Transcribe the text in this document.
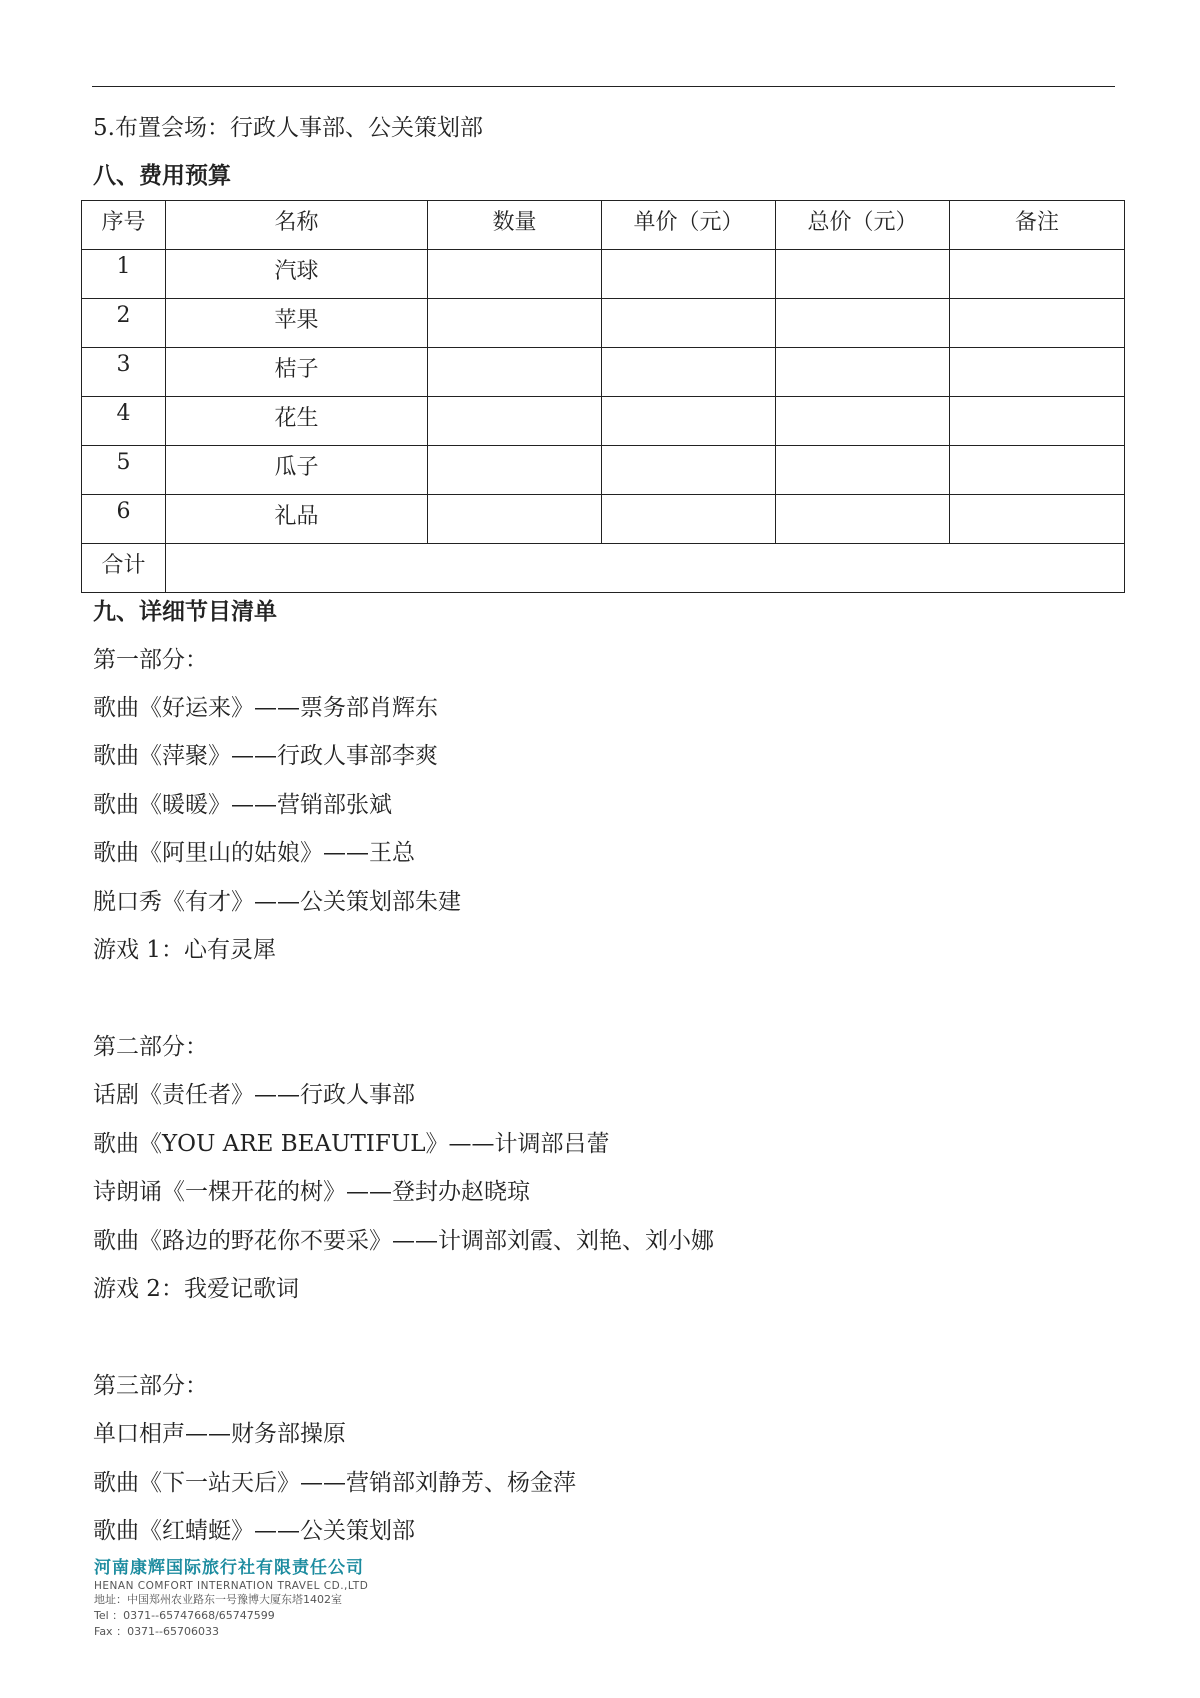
5.布置会场：行政人事部、公关策划部
八、费用预算
序号	名称	数量	单价（元）	总价（元）	备注
1	汽球				
2	苹果				
3	桔子				
4	花生				
5	瓜子				
6	礼品				
合计					
九、详细节目清单
第一部分：
歌曲《好运来》——票务部肖辉东
歌曲《萍聚》——行政人事部李爽
歌曲《暖暖》——营销部张斌
歌曲《阿里山的姑娘》——王总
脱口秀《有才》——公关策划部朱建
游戏 1：心有灵犀
第二部分：
话剧《责任者》——行政人事部
歌曲《YOU ARE BEAUTIFUL》——计调部吕蕾
诗朗诵《一棵开花的树》——登封办赵晓琼
歌曲《路边的野花你不要采》——计调部刘霞、刘艳、刘小娜
游戏 2：我爱记歌词
第三部分：
单口相声——财务部操原
歌曲《下一站天后》——营销部刘静芳、杨金萍
歌曲《红蜻蜓》——公关策划部
河南康辉国际旅行社有限责任公司
HENAN COMFORT INTERNATION TRAVEL CD.,LTD
地址：中国郑州农业路东一号豫博大厦东塔1402室
Tel ：0371--65747668/65747599
Fax ：0371--65706033
